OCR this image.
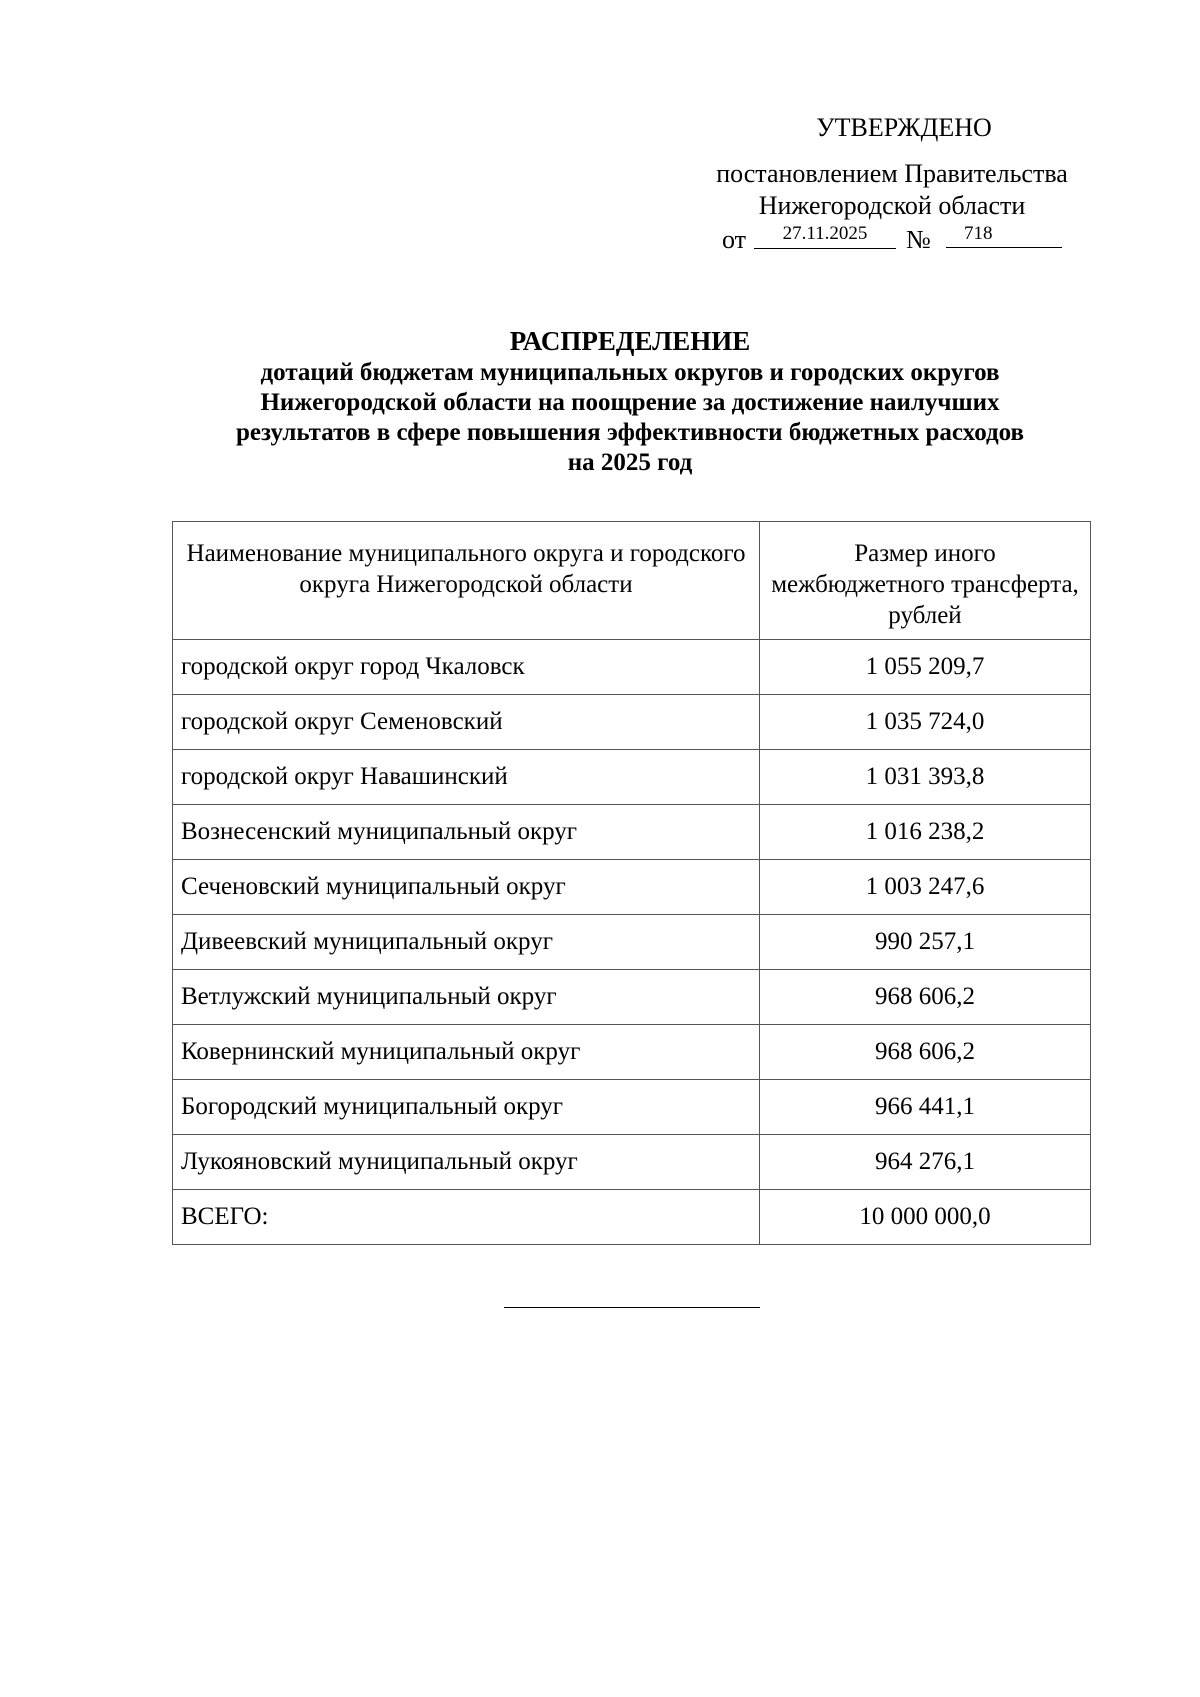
УТВЕРЖДЕНО
постановлением Правительства
Нижегородской области
от	27.11.2025	№	718
РАСПРЕДЕЛЕНИЕ
дотаций бюджетам муниципальных округов и городских округов
Нижегородской области на поощрение за достижение наилучших
результатов в сфере повышения эффективности бюджетных расходов
на 2025 год
Наименование муниципального округа и городского округа Нижегородской области	Размер иного межбюджетного трансферта, рублей
городской округ город Чкаловск	1 055 209,7
городской округ Семеновский	1 035 724,0
городской округ Навашинский	1 031 393,8
Вознесенский муниципальный округ	1 016 238,2
Сеченовский муниципальный округ	1 003 247,6
Дивеевский муниципальный округ	990 257,1
Ветлужский муниципальный округ	968 606,2
Ковернинский муниципальный округ	968 606,2
Богородский муниципальный округ	966 441,1
Лукояновский муниципальный округ	964 276,1
ВСЕГО:	10 000 000,0
